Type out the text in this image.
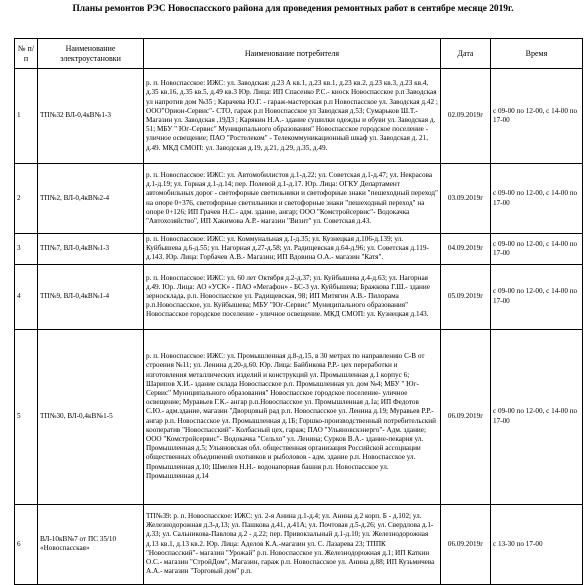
Планы ремонтов РЭС Новоспасского района для проведения ремонтных работ в сентябре месяце 2019г.
№ п/п	Наименование электроустановки	Наименование потребителя	Дата	Время
1	ТП№32 ВЛ-0,4кВ№1-3	р. п. Новоспасское: ИЖС: ул. Заводская: д.23 А кв.1, д.23 кв.1, д.23 кв.2, д.23 кв.3, д.23 кв.4, д.35 кв.16, д.35 кв.5, д.49 кв.3 Юр. Лица: ИП Спасенко Р.С.- киоск Новоспасское р.п Заводская ул напротив дом №35 ; Карачева Ю.Г. - гараж-мастерская р.п Новоспасское ул. Заводская д.42 ; ООО"Орион-Сервис"- СТО, гараж р.п Новоспасское ул Заводская д.53; Сумарьков Ш.Т.- Магазин ул. Заводская ,19Д3 ; Карякин Н.А.- здание сушилки одежды и обуви ул. Заводская д. 51; МБУ " Юг-Сервис" Муниципального образования" Новоспасское городское поселение - уличное освещение; ПАО "Ростелеком" - Телекоммуникационный шкаф ул. Заводская д. 21, д.49. МКД СМОП: ул. Заводская д.19, д.21, д.29, д.35, д.49.	02.09.2019г	с 09-00 по 12-00, с 14-00 по 17-00
2	ТП№2, ВЛ-0,4кВ№2-4	р. п. Новоспасское: ИЖС: ул. Автомобилистов д.1-д.22; ул. Советская д.1-д.47; ул. Некрасова д.1-д.19; ул. Горная д.1-д.14; пер. Полевой д.1-д.17. Юр. Лица: ОГКУ Департамент автомобильных дорог - светофорные светильники и светофорные знаки "пешеходный переход" на опоре 0+376, светофорные светильники и светофорные знаки "пешеходный переход" на опоре 0+126; ИП Грачев Н.С.- адм. здание, ангар; ООО "Комстройсервис"- Водокачка "Автохозяйство", ИП Хакимова А.Р.- магазин "Визит" ул. Советская д.43.	03.09.2019г	с 09-00 по 12-00, с 14-00 по 17-00
3	ТП№7, ВЛ-0,4кВ№1-3	р. п. Новоспасское: ИЖС: ул. Коммунальная д.1-д.35; ул. Кузнецкая д.106-д.139; ул. Куйбышева д.6-д.55; ул. Нагорная д.27-д.58; ул. Радищевская д.64-д.96; ул. Советская д.119-д.143. Юр. Лица: Горбачев А.В.- Магазин; ИП Вдовина О.А.- магазин "Катя".	04.09.2019г	с 09-00 по 12-00, с 14-00 по 17-00
4	ТП№9, ВЛ-0,4кВ№1-4	р. п. Новоспасское: ИЖС: ул. 60 лет Октября д.2-д.37; ул. Куйбышева д.4-д.63; ул. Нагорная д.49. Юр. Лица: АО «УСК» - ПАО «Мегафон» - БС-3 ул. Куйбышева; Бражкова Г.Ш.- здание зерносклада, р.п. Новоспасское ул. Радищевская, 98; ИП Митягин А.В.- Пилорамa р.п.Новоспасское, ул. Куйбышева; МБУ "Юг-Сервис" Муниципального образования" Новоспасское городское поселение - уличное освещение. МКД СМОП: ул. Кузнецкая д.143.	05.09.2019г	с 09-00 по 12-00, с 14-00 по 17-00
5	ТП№30, ВЛ-0,4кВ№1-5	р. п. Новоспасское: ИЖС: ул. Промышленная д.8-д.15, в 30 метрах по направлению С-В от строения №11; ул. Ленина д.20-д.60. Юр. Лица: Байбикова Р.Р.- цех переработки и изготовления металлических изделий и конструкций ул. Промышленная д.1 корпус 6; Шарипов Х.И.- здание склада Новоспасское р.п. Промышленная ул. дом №4; МБУ " Юг-Сервис" Муниципального образования" Новоспасское городское поселение- уличное освещение; Муравьев Г.К.- ангар р.п.Новоспасское ул. Промышленная д.1а; ИП Федотов С.Ю.- адм.здание, магазин "Дворцовый рад р.п. Новоспасское ул. Ленина д.19; Муравьев Р.Р.- ангар р.п. Новоспасское ул. Промышленная д.1Б; Горшко-производственный потребительский кооператив "Новоспасский"- Колбасный цех, гараж; ПАО "Ульяновскэнерго"- Адм. здание; ООО "Комстройсервис"- Водокачка "Сельхо" ул. Ленина; Сурков В.А.- здание-пекарня ул. Промышленная д.5; Ульяновская обл. общественная организация Российской ассоциации общественных объединений охотников и рыболовов - адм. здание р.п. Новоспасское ул. Промышленная д.10; Шмелев Н.Н.- водонапорная башня р.п. Новоспасское ул. Промышленная д.14	06.09.2019г	с 09-00 по 12-00, с 14-00 по 17-00
6	ВЛ-10кВ№7 от ПС 35/10 «Новоспасская»	ТП№39: р. п. Новоспасское: ИЖС: ул. 2-я Анина д.1-д.4; ул. Анина д.2 корп. Б - д.102; ул. Железнодорожная д.3-д.13; ул. Пашкова д.41, д.41А; ул. Почтовая д.5-д.26; ул. Свердлова д.1-д.33; ул. Сальникова-Павлова д.2 - д.22; пер. Привокзальный д.1-д.10; ул. Железнодорожная д.13 кв.1, д.13 кв.2. Юр. Лица: Аделов К.А.-магазин ул. С. Лазарева 23; ТППК "Новоспасский"- магазин "Урожай" р.п. Новоспасское ул. Железнодорожная д.1; ИП Каткин О.С.- магазин "СтройДом", Магазин, гараж р.п. Новоспасское ул. Анина д.88; ИП Кузьмичева А.А.- магазин "Торговый дом" р.п.	06.09.2019г	с 13-30 по 17-00
